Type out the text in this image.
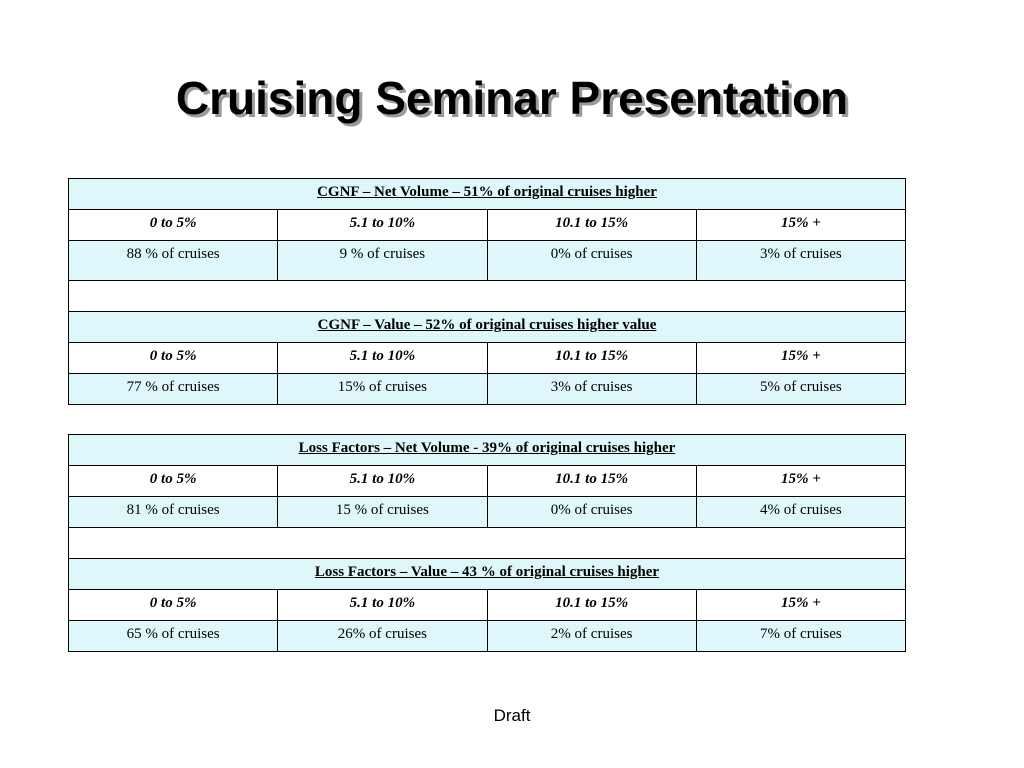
Cruising Seminar Presentation
CGNF – Net Volume – 51% of original cruises higher			
0 to 5%	5.1 to 10%	10.1 to 15%	15% +
88 % of cruises	9 % of cruises	0% of cruises	3% of cruises

CGNF – Value – 52% of original cruises higher value			
0 to 5%	5.1 to 10%	10.1 to 15%	15% +
77 % of cruises	15% of cruises	3% of cruises	5% of cruises
Loss Factors – Net Volume - 39% of original cruises higher			
0 to 5%	5.1 to 10%	10.1 to 15%	15% +
81 % of cruises	15 % of cruises	0% of cruises	4% of cruises

Loss Factors – Value – 43 % of original cruises higher			
0 to 5%	5.1 to 10%	10.1 to 15%	15% +
65 % of cruises	26% of cruises	2% of cruises	7% of cruises
Draft
